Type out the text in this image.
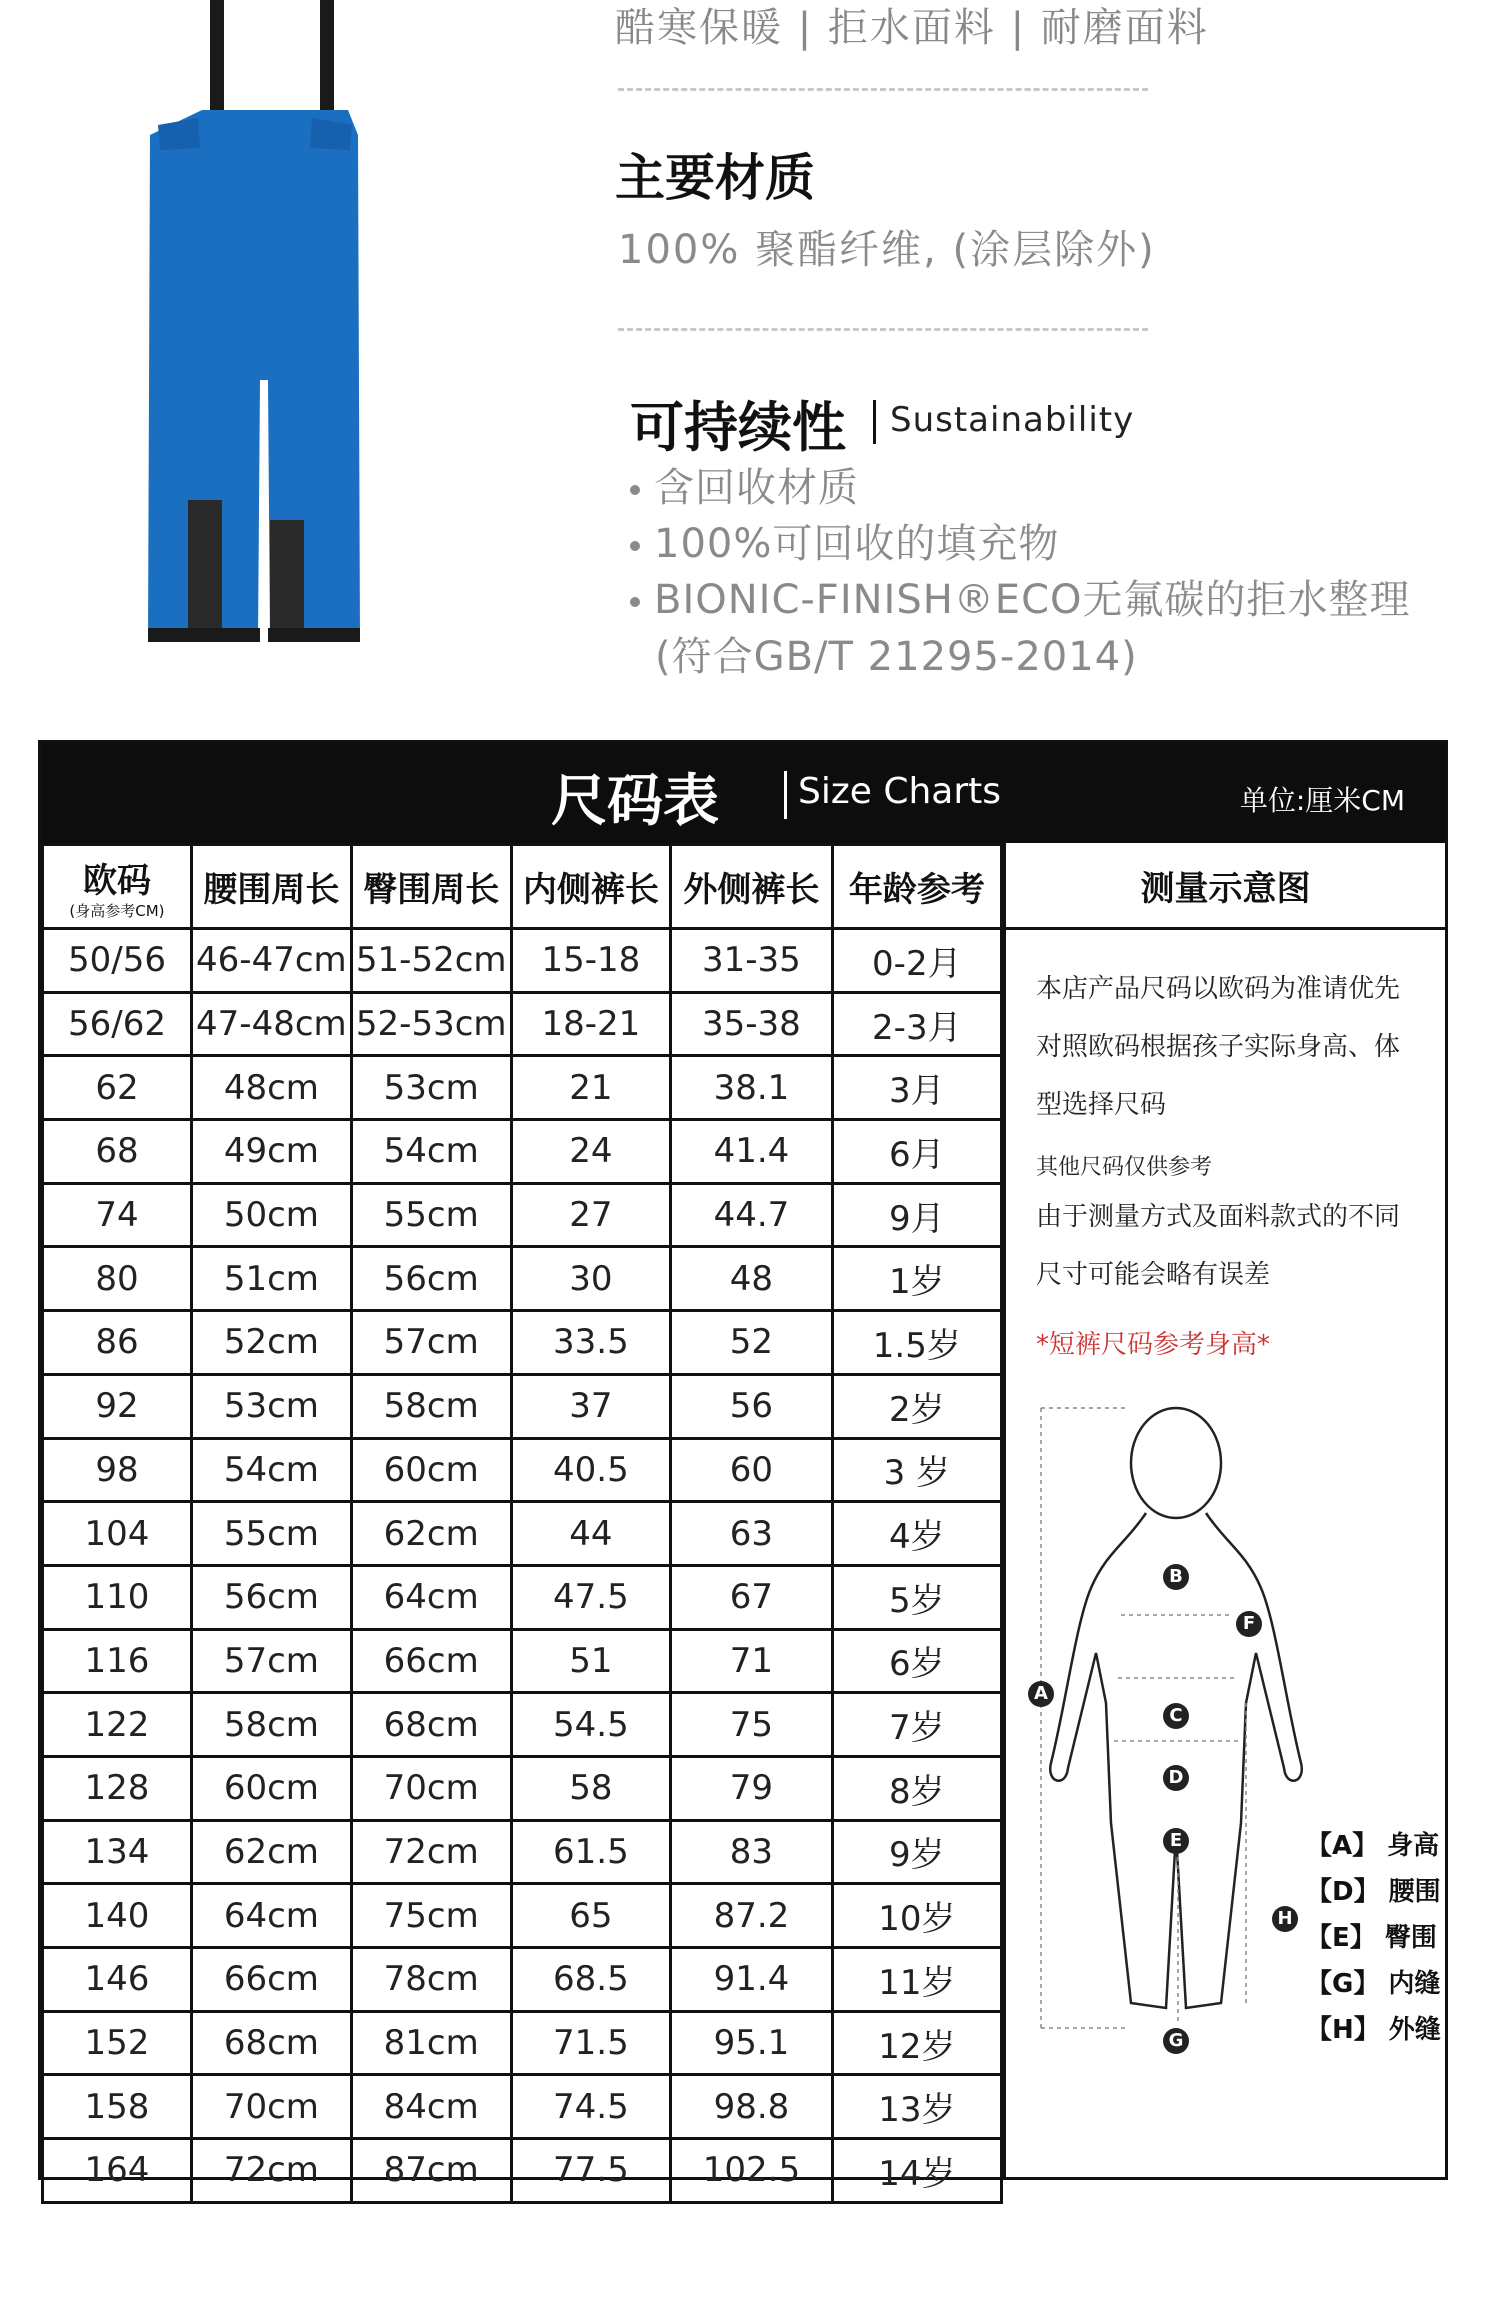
酷寒保暖 | 拒水面料 | 耐磨面料
主要材质
100% 聚酯纤维, (涂层除外)
可持续性 Sustainability
含回收材质
100%可回收的填充物
BIONIC-FINISH®ECO无氟碳的拒水整理
(符合GB/T 21295-2014)
尺码表 Size Charts	单位:厘米CM
欧码
(身高参考CM)	腰围周长	臀围周长	内侧裤长	外侧裤长	年龄参考
50/56	46-47cm	51-52cm	15-18	31-35	0-2月
56/62	47-48cm	52-53cm	18-21	35-38	2-3月
62	48cm	53cm	21	38.1	3月
68	49cm	54cm	24	41.4	6月
74	50cm	55cm	27	44.7	9月
80	51cm	56cm	30	48	1岁
86	52cm	57cm	33.5	52	1.5岁
92	53cm	58cm	37	56	2岁
98	54cm	60cm	40.5	60	3 岁
104	55cm	62cm	44	63	4岁
110	56cm	64cm	47.5	67	5岁
116	57cm	66cm	51	71	6岁
122	58cm	68cm	54.5	75	7岁
128	60cm	70cm	58	79	8岁
134	62cm	72cm	61.5	83	9岁
140	64cm	75cm	65	87.2	10岁
146	66cm	78cm	68.5	91.4	11岁
152	68cm	81cm	71.5	95.1	12岁
158	70cm	84cm	74.5	98.8	13岁
164	72cm	87cm	77.5	102.5	14岁
测量示意图
本店产品尺码以欧码为准请优先
对照欧码根据孩子实际身高、体
型选择尺码
其他尺码仅供参考
由于测量方式及面料款式的不同
尺寸可能会略有误差
*短裤尺码参考身高*
A
B
C
D
E
F
G
H
【A】 身高
【D】 腰围
【E】 臀围
【G】 内缝
【H】 外缝
